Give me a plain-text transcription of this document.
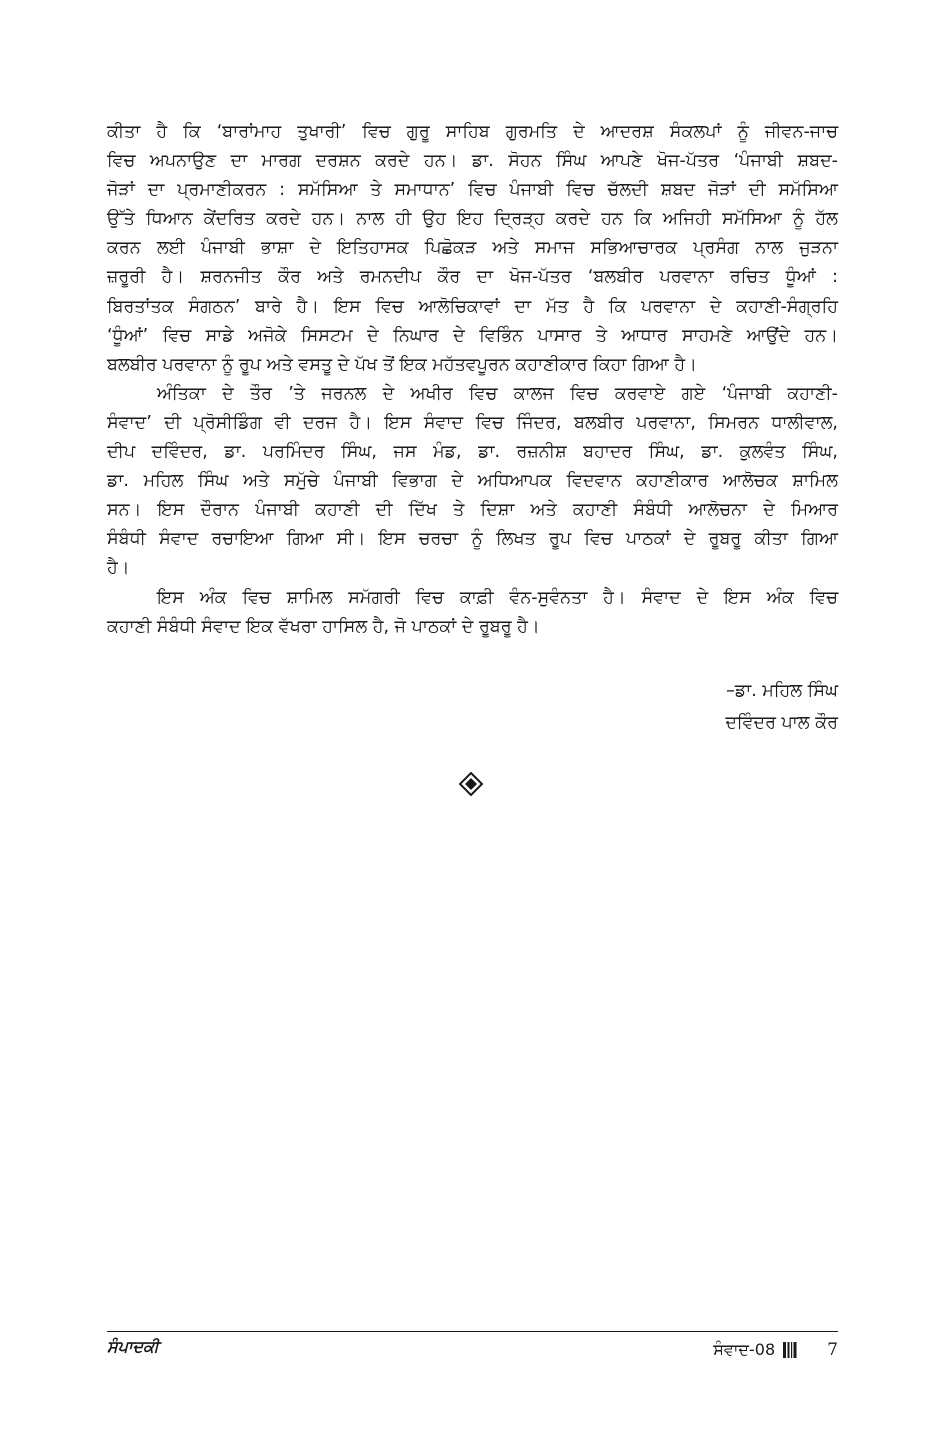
ਕੀਤਾ ਹੈ ਕਿ ‘ਬਾਰਾਂਮਾਹ ਤੁਖਾਰੀ’ ਵਿਚ ਗੁਰੂ ਸਾਹਿਬ ਗੁਰਮਤਿ ਦੇ ਆਦਰਸ਼ ਸੰਕਲਪਾਂ ਨੂੰ ਜੀਵਨ-ਜਾਚ
ਵਿਚ ਅਪਨਾਉਣ ਦਾ ਮਾਰਗ ਦਰਸ਼ਨ ਕਰਦੇ ਹਨ। ਡਾ. ਸੋਹਨ ਸਿੰਘ ਆਪਣੇ ਖੋਜ-ਪੱਤਰ ‘ਪੰਜਾਬੀ ਸ਼ਬਦ-
ਜੋੜਾਂ ਦਾ ਪ੍ਰਮਾਣੀਕਰਨ : ਸਮੱਸਿਆ ਤੇ ਸਮਾਧਾਨ’ ਵਿਚ ਪੰਜਾਬੀ ਵਿਚ ਚੱਲਦੀ ਸ਼ਬਦ ਜੋੜਾਂ ਦੀ ਸਮੱਸਿਆ
ਉੱਤੇ ਧਿਆਨ ਕੇਂਦਰਿਤ ਕਰਦੇ ਹਨ। ਨਾਲ ਹੀ ਉਹ ਇਹ ਦ੍ਰਿੜ੍ਹ ਕਰਦੇ ਹਨ ਕਿ ਅਜਿਹੀ ਸਮੱਸਿਆ ਨੂੰ ਹੱਲ
ਕਰਨ ਲਈ ਪੰਜਾਬੀ ਭਾਸ਼ਾ ਦੇ ਇਤਿਹਾਸਕ ਪਿਛੋਕੜ ਅਤੇ ਸਮਾਜ ਸਭਿਆਚਾਰਕ ਪ੍ਰਸੰਗ ਨਾਲ ਜੁੜਨਾ
ਜ਼ਰੂਰੀ ਹੈ। ਸ਼ਰਨਜੀਤ ਕੌਰ ਅਤੇ ਰਮਨਦੀਪ ਕੌਰ ਦਾ ਖੋਜ-ਪੱਤਰ ‘ਬਲਬੀਰ ਪਰਵਾਨਾ ਰਚਿਤ ਧੂੰਆਂ :
ਬਿਰਤਾਂਤਕ ਸੰਗਠਨ’ ਬਾਰੇ ਹੈ। ਇਸ ਵਿਚ ਆਲੋਚਿਕਾਵਾਂ ਦਾ ਮੱਤ ਹੈ ਕਿ ਪਰਵਾਨਾ ਦੇ ਕਹਾਣੀ-ਸੰਗ੍ਰਹਿ
‘ਧੂੰਆਂ’ ਵਿਚ ਸਾਡੇ ਅਜੋਕੇ ਸਿਸਟਮ ਦੇ ਨਿਘਾਰ ਦੇ ਵਿਭਿੰਨ ਪਾਸਾਰ ਤੇ ਆਧਾਰ ਸਾਹਮਣੇ ਆਉਂਦੇ ਹਨ।
ਬਲਬੀਰ ਪਰਵਾਨਾ ਨੂੰ ਰੂਪ ਅਤੇ ਵਸਤੂ ਦੇ ਪੱਖ ਤੋਂ ਇਕ ਮਹੱਤਵਪੂਰਨ ਕਹਾਣੀਕਾਰ ਕਿਹਾ ਗਿਆ ਹੈ।
ਅੰਤਿਕਾ ਦੇ ਤੌਰ ’ਤੇ ਜਰਨਲ ਦੇ ਅਖੀਰ ਵਿਚ ਕਾਲਜ ਵਿਚ ਕਰਵਾਏ ਗਏ ‘ਪੰਜਾਬੀ ਕਹਾਣੀ-
ਸੰਵਾਦ’ ਦੀ ਪ੍ਰੋਸੀਡਿੰਗ ਵੀ ਦਰਜ ਹੈ। ਇਸ ਸੰਵਾਦ ਵਿਚ ਜਿੰਦਰ, ਬਲਬੀਰ ਪਰਵਾਨਾ, ਸਿਮਰਨ ਧਾਲੀਵਾਲ,
ਦੀਪ ਦਵਿੰਦਰ, ਡਾ. ਪਰਮਿੰਦਰ ਸਿੰਘ, ਜਸ ਮੰਡ, ਡਾ. ਰਜ਼ਨੀਸ਼ ਬਹਾਦਰ ਸਿੰਘ, ਡਾ. ਕੁਲਵੰਤ ਸਿੰਘ,
ਡਾ. ਮਹਿਲ ਸਿੰਘ ਅਤੇ ਸਮੁੱਚੇ ਪੰਜਾਬੀ ਵਿਭਾਗ ਦੇ ਅਧਿਆਪਕ ਵਿਦਵਾਨ ਕਹਾਣੀਕਾਰ ਆਲੋਚਕ ਸ਼ਾਮਿਲ
ਸਨ। ਇਸ ਦੌਰਾਨ ਪੰਜਾਬੀ ਕਹਾਣੀ ਦੀ ਦਿੱਖ ਤੇ ਦਿਸ਼ਾ ਅਤੇ ਕਹਾਣੀ ਸੰਬੰਧੀ ਆਲੋਚਨਾ ਦੇ ਮਿਆਰ
ਸੰਬੰਧੀ ਸੰਵਾਦ ਰਚਾਇਆ ਗਿਆ ਸੀ। ਇਸ ਚਰਚਾ ਨੂੰ ਲਿਖਤ ਰੂਪ ਵਿਚ ਪਾਠਕਾਂ ਦੇ ਰੂਬਰੂ ਕੀਤਾ ਗਿਆ
ਹੈ।
ਇਸ ਅੰਕ ਵਿਚ ਸ਼ਾਮਿਲ ਸਮੱਗਰੀ ਵਿਚ ਕਾਫ਼ੀ ਵੰਨ-ਸੁਵੰਨਤਾ ਹੈ। ਸੰਵਾਦ ਦੇ ਇਸ ਅੰਕ ਵਿਚ
ਕਹਾਣੀ ਸੰਬੰਧੀ ਸੰਵਾਦ ਇਕ ਵੱਖਰਾ ਹਾਸਿਲ ਹੈ, ਜੋ ਪਾਠਕਾਂ ਦੇ ਰੂਬਰੂ ਹੈ।
–ਡਾ. ਮਹਿਲ ਸਿੰਘ
ਦਵਿੰਦਰ ਪਾਲ ਕੌਰ
ਸੰਪਾਦਕੀ	ਸੰਵਾਦ-08	7
